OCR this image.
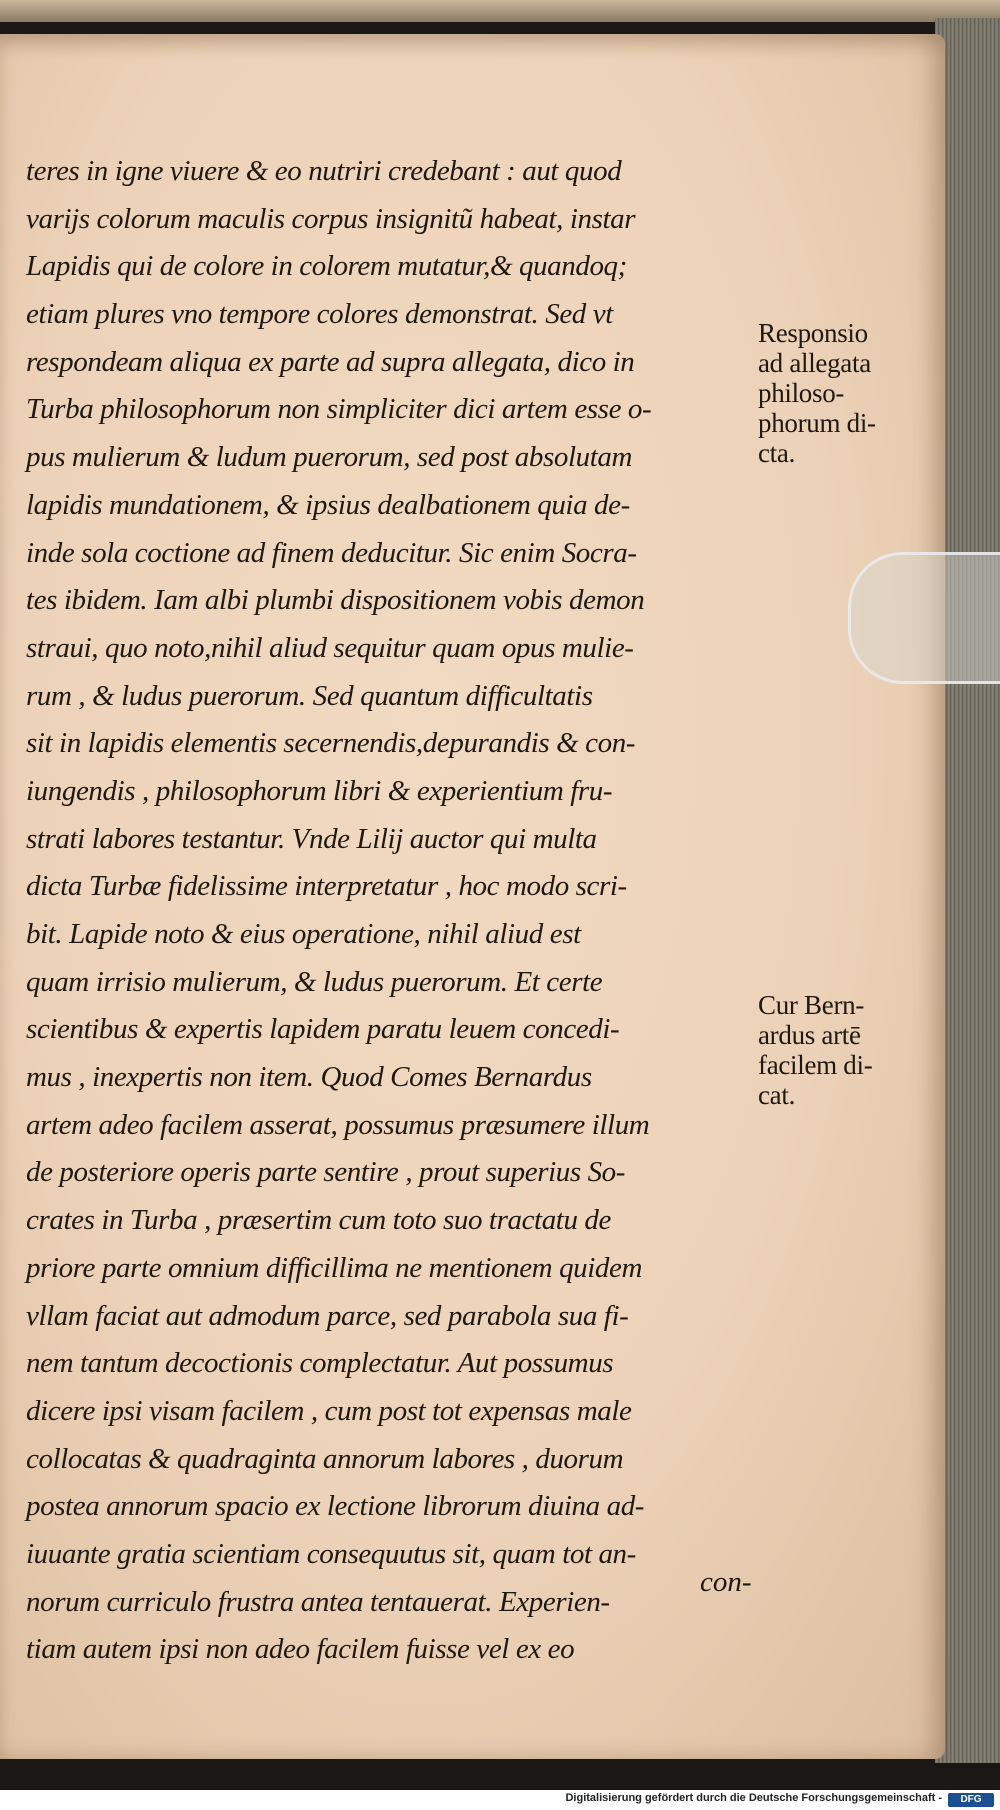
teres in igne viuere & eo nutriri credebant : aut quod
varijs colorum maculis corpus insignitũ habeat, instar
Lapidis qui de colore in colorem mutatur,& quandoq;
etiam plures vno tempore colores demonstrat. Sed vt
respondeam aliqua ex parte ad supra allegata, dico in
Turba philosophorum non simpliciter dici artem esse o-
pus mulierum & ludum puerorum, sed post absolutam
lapidis mundationem, & ipsius dealbationem quia de-
inde sola coctione ad finem deducitur. Sic enim Socra-
tes ibidem. Iam albi plumbi dispositionem vobis demon
straui, quo noto,nihil aliud sequitur quam opus mulie-
rum , & ludus puerorum. Sed quantum difficultatis
sit in lapidis elementis secernendis,depurandis & con-
iungendis , philosophorum libri & experientium fru-
strati labores testantur. Vnde Lilij auctor qui multa
dicta Turbæ fidelissime interpretatur , hoc modo scri-
bit. Lapide noto & eius operatione, nihil aliud est
quam irrisio mulierum, & ludus puerorum. Et certe
scientibus & expertis lapidem paratu leuem concedi-
mus , inexpertis non item. Quod Comes Bernardus
artem adeo facilem asserat, possumus præsumere illum
de posteriore operis parte sentire , prout superius So-
crates in Turba , præsertim cum toto suo tractatu de
priore parte omnium difficillima ne mentionem quidem
vllam faciat aut admodum parce, sed parabola sua fi-
nem tantum decoctionis complectatur. Aut possumus
dicere ipsi visam facilem , cum post tot expensas male
collocatas & quadraginta annorum labores , duorum
postea annorum spacio ex lectione librorum diuina ad-
iuuante gratia scientiam consequutus sit, quam tot an-
norum curriculo frustra antea tentauerat. Experien-
tiam autem ipsi non adeo facilem fuisse vel ex eo
con-
Responsio
ad allegata
philoso-
phorum di-
cta.
Cur Bern-
ardus artē
facilem di-
cat.
Digitalisierung gefördert durch die Deutsche Forschungsgemeinschaft -	DFG
